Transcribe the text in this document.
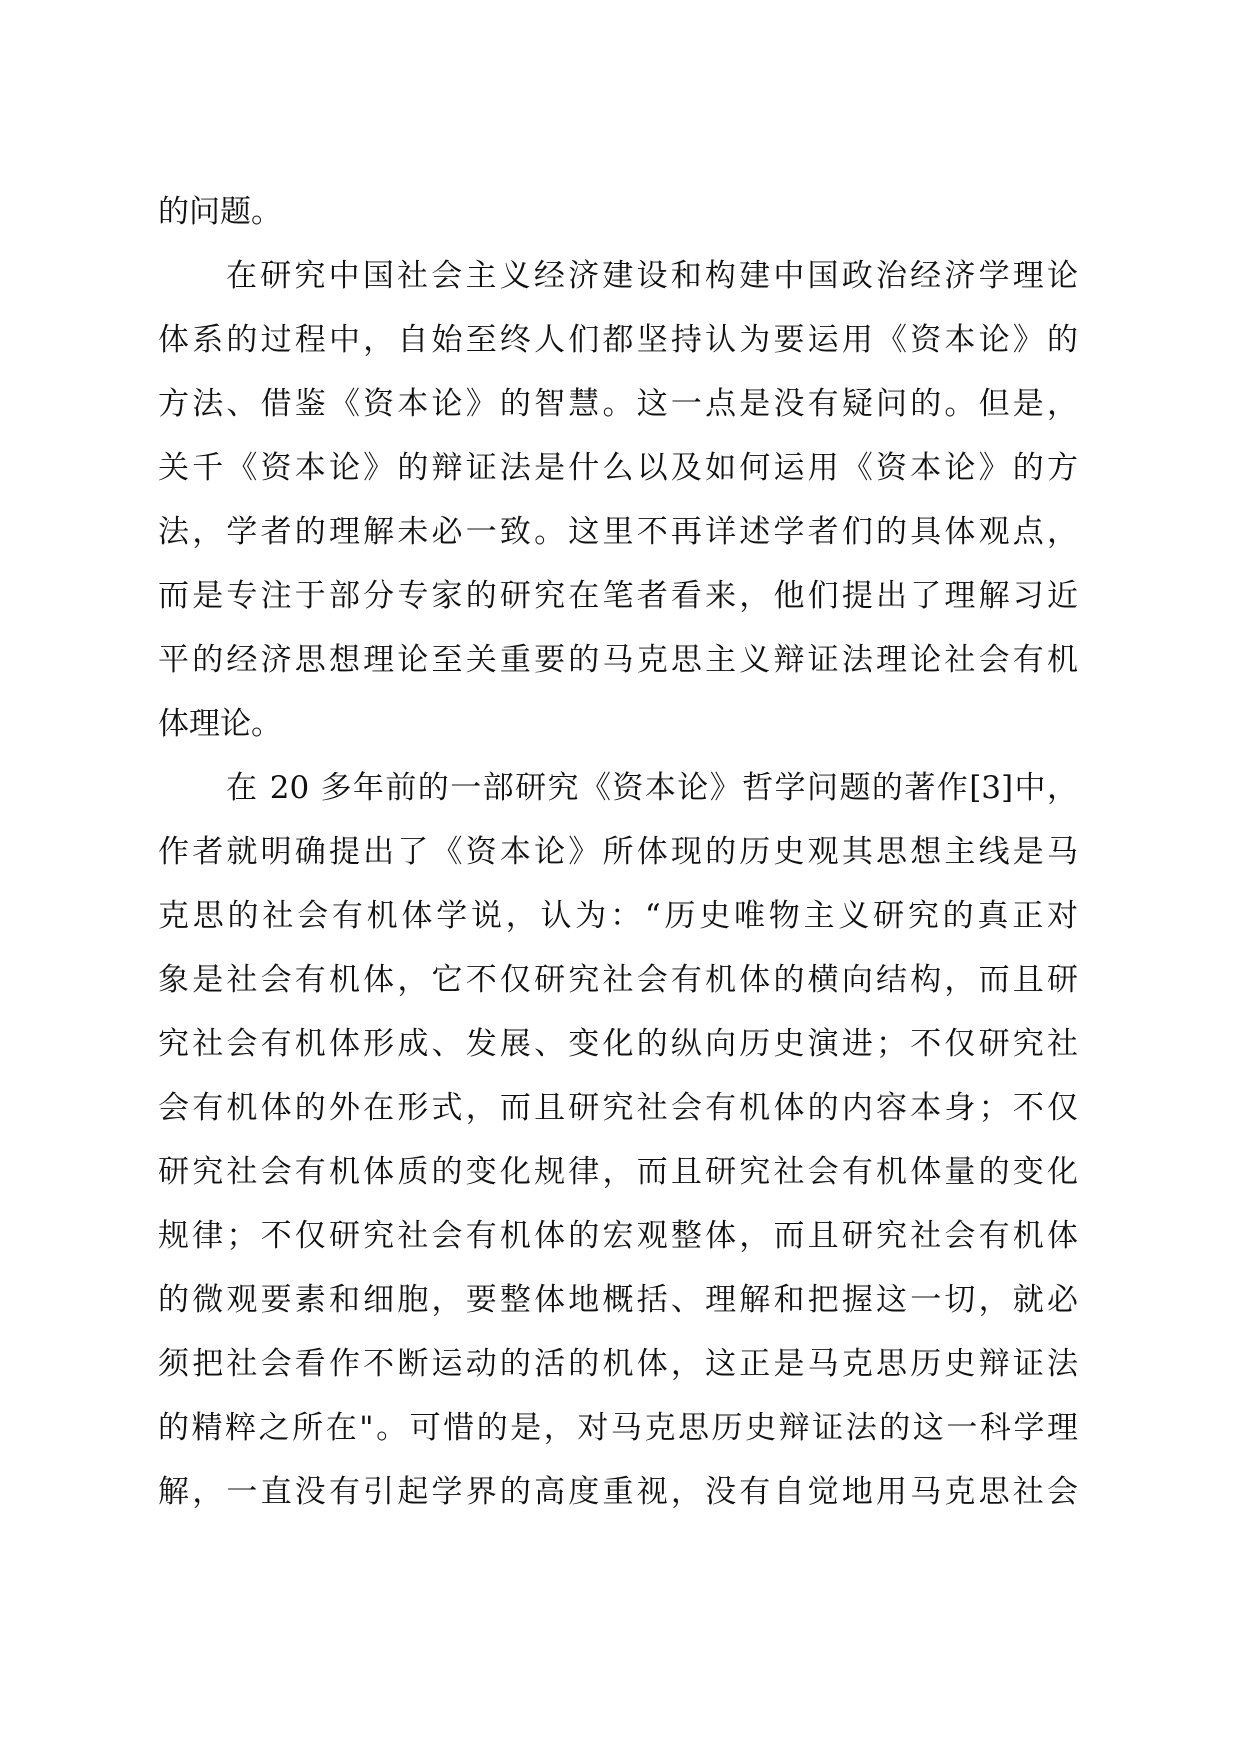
的问题。
在研究中国社会主义经济建设和构建中国政治经济学理论
体系的过程中，自始至终人们都坚持认为要运用《资本论》的
方法、借鉴《资本论》的智慧。这一点是没有疑问的。但是，
关千《资本论》的辩证法是什么以及如何运用《资本论》的方
法，学者的理解未必一致。这里不再详述学者们的具体观点，
而是专注于部分专家的研究在笔者看来，他们提出了理解习近
平的经济思想理论至关重要的马克思主义辩证法理论社会有机
体理论。
在 20 多年前的一部研究《资本论》哲学问题的著作[3]中，
作者就明确提出了《资本论》所体现的历史观其思想主线是马
克思的社会有机体学说，认为：“历史唯物主义研究的真正对
象是社会有机体，它不仅研究社会有机体的横向结构，而且研
究社会有机体形成、发展、变化的纵向历史演进；不仅研究社
会有机体的外在形式，而且研究社会有机体的内容本身；不仅
研究社会有机体质的变化规律，而且研究社会有机体量的变化
规律；不仅研究社会有机体的宏观整体，而且研究社会有机体
的微观要素和细胞，要整体地概括、理解和把握这一切，就必
须把社会看作不断运动的活的机体，这正是马克思历史辩证法
的精粹之所在"。可惜的是，对马克思历史辩证法的这一科学理
解，一直没有引起学界的高度重视，没有自觉地用马克思社会
